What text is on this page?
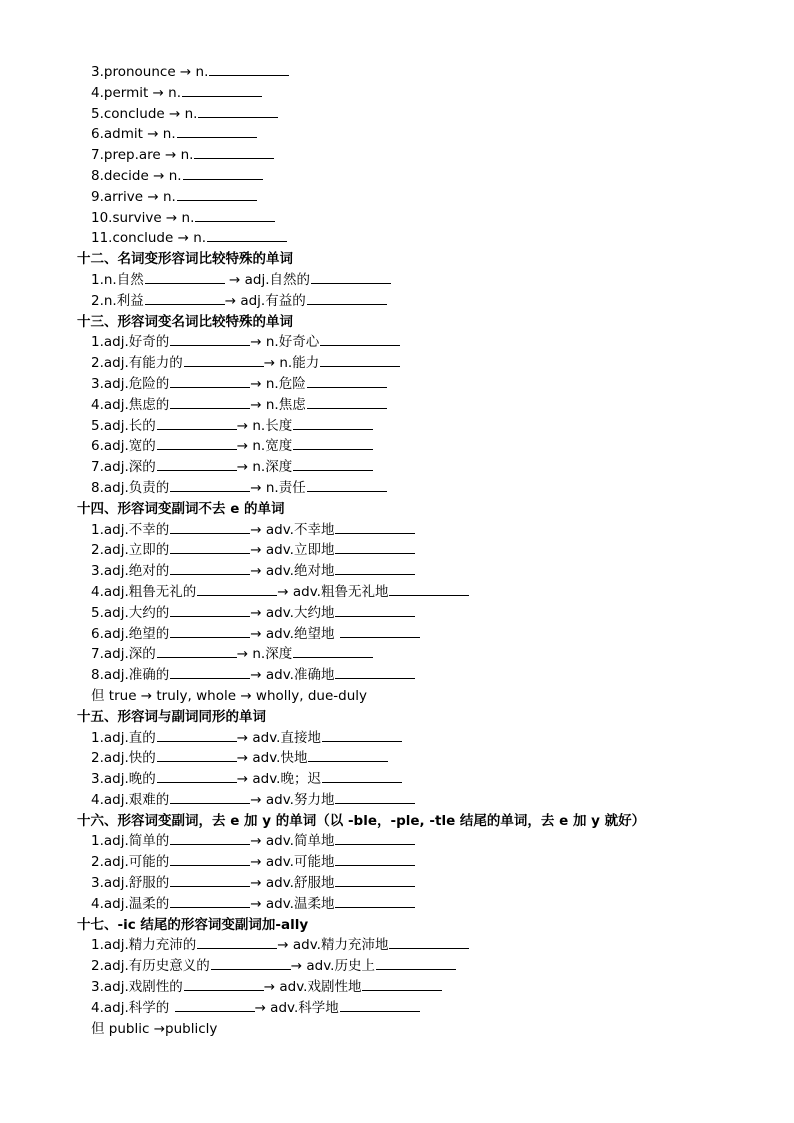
3.pronounce → n.
4.permit → n.
5.conclude → n.
6.admit → n.
7.prep.are → n.
8.decide → n.
9.arrive → n.
10.survive → n.
11.conclude → n.
十二、名词变形容词比较特殊的单词
1.n.自然	→ adj.自然的
2.n.利益	→ adj.有益的
十三、形容词变名词比较特殊的单词
1.adj.好奇的	→ n.好奇心
2.adj.有能力的	→ n.能力
3.adj.危险的	→ n.危险
4.adj.焦虑的	→ n.焦虑
5.adj.长的	→ n.长度
6.adj.宽的	→ n.宽度
7.adj.深的	→ n.深度
8.adj.负责的	→ n.责任
十四、形容词变副词不去 e 的单词
1.adj.不幸的	→ adv.不幸地
2.adj.立即的	→ adv.立即地
3.adj.绝对的	→ adv.绝对地
4.adj.粗鲁无礼的	→ adv.粗鲁无礼地
5.adj.大约的	→ adv.大约地
6.adj.绝望的	→ adv.绝望地
7.adj.深的	→ n.深度
8.adj.准确的	→ adv.准确地
但 true → truly, whole → wholly, due-duly
十五、形容词与副词同形的单词
1.adj.直的	→ adv.直接地
2.adj.快的	→ adv.快地
3.adj.晚的	→ adv.晚；迟
4.adj.艰难的	→ adv.努力地
十六、形容词变副词，去 e 加 y 的单词（以 -ble，-ple, -tle 结尾的单词，去 e 加 y 就好）
1.adj.简单的	→ adv.简单地
2.adj.可能的	→ adv.可能地
3.adj.舒服的	→ adv.舒服地
4.adj.温柔的	→ adv.温柔地
十七、-ic 结尾的形容词变副词加-ally
1.adj.精力充沛的	→ adv.精力充沛地
2.adj.有历史意义的	→ adv.历史上
3.adj.戏剧性的	→ adv.戏剧性地
4.adj.科学的	→ adv.科学地
但 public →publicly
